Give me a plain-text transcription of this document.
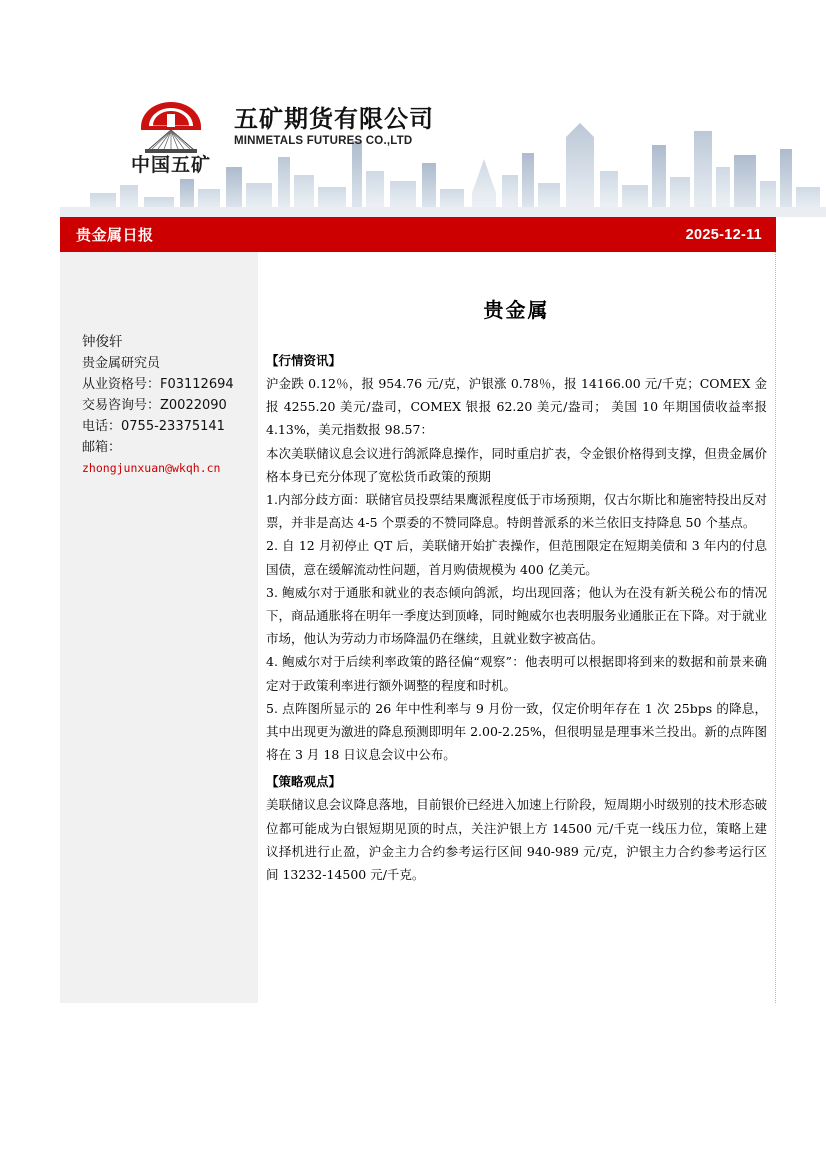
中国五矿
五矿期货有限公司
MINMETALS FUTURES CO.,LTD
贵金属日报	2025-12-11
钟俊轩
贵金属研究员
从业资格号：F03112694
交易咨询号：Z0022090
电话：0755-23375141
邮箱：
zhongjunxuan@wkqh.cn
贵金属
【行情资讯】

沪金跌 0.12％，报 954.76 元/克，沪银涨 0.78％，报 14166.00 元/千克；COMEX 金报 4255.20 美元/盎司，COMEX 银报 62.20 美元/盎司； 美国 10 年期国债收益率报 4.13%，美元指数报 98.57：

本次美联储议息会议进行鸽派降息操作，同时重启扩表，令金银价格得到支撑，但贵金属价格本身已充分体现了宽松货币政策的预期

1.内部分歧方面：联储官员投票结果鹰派程度低于市场预期，仅古尔斯比和施密特投出反对票，并非是高达 4-5 个票委的不赞同降息。特朗普派系的米兰依旧支持降息 50 个基点。

2. 自 12 月初停止 QT 后，美联储开始扩表操作，但范围限定在短期美债和 3 年内的付息国债，意在缓解流动性问题，首月购债规模为 400 亿美元。

3. 鲍威尔对于通胀和就业的表态倾向鸽派，均出现回落；他认为在没有新关税公布的情况下，商品通胀将在明年一季度达到顶峰，同时鲍威尔也表明服务业通胀正在下降。对于就业市场，他认为劳动力市场降温仍在继续，且就业数字被高估。

4. 鲍威尔对于后续利率政策的路径偏“观察”：他表明可以根据即将到来的数据和前景来确定对于政策利率进行额外调整的程度和时机。

5. 点阵图所显示的 26 年中性利率与 9 月份一致，仅定价明年存在 1 次 25bps 的降息，其中出现更为激进的降息预测即明年 2.00-2.25%，但很明显是理事米兰投出。新的点阵图将在 3 月 18 日议息会议中公布。

【策略观点】

美联储议息会议降息落地，目前银价已经进入加速上行阶段，短周期小时级别的技术形态破位都可能成为白银短期见顶的时点，关注沪银上方 14500 元/千克一线压力位，策略上建议择机进行止盈，沪金主力合约参考运行区间 940-989 元/克，沪银主力合约参考运行区间 13232-14500 元/千克。
